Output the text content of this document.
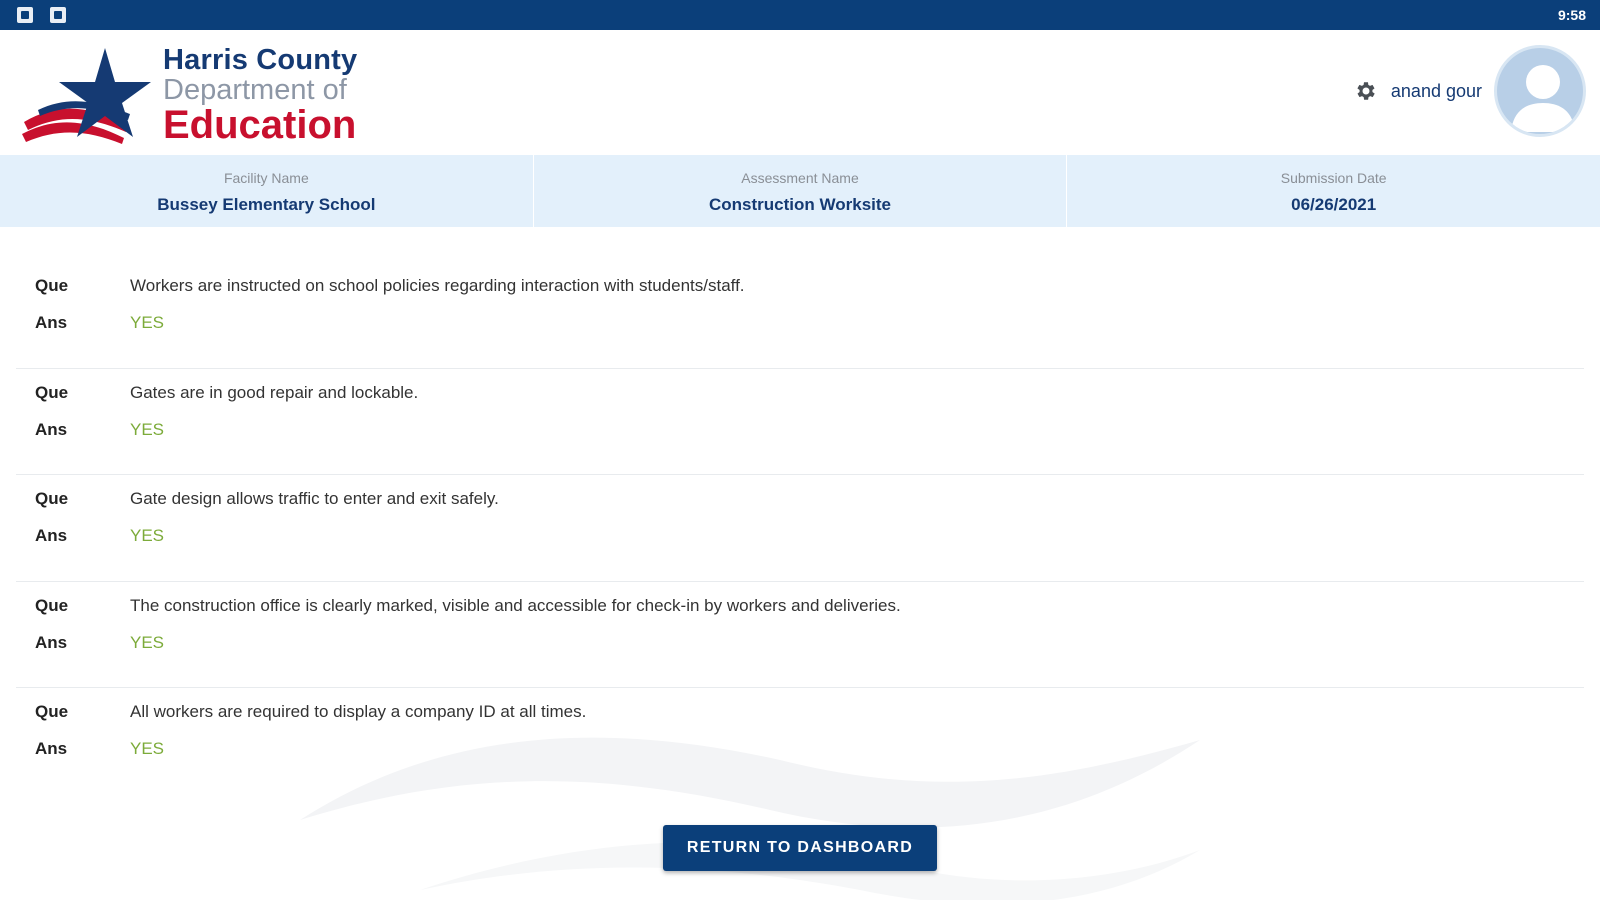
9:58
Harris County
Department of
Education
anand gour
Facility Name
Bussey Elementary School
Assessment Name
Construction Worksite
Submission Date
06/26/2021
Que	Workers are instructed on school policies regarding interaction with students/staff.
Ans	YES
Que	Gates are in good repair and lockable.
Ans	YES
Que	Gate design allows traffic to enter and exit safely.
Ans	YES
Que	The construction office is clearly marked, visible and accessible for check-in by workers and deliveries.
Ans	YES
Que	All workers are required to display a company ID at all times.
Ans	YES
RETURN TO DASHBOARD
